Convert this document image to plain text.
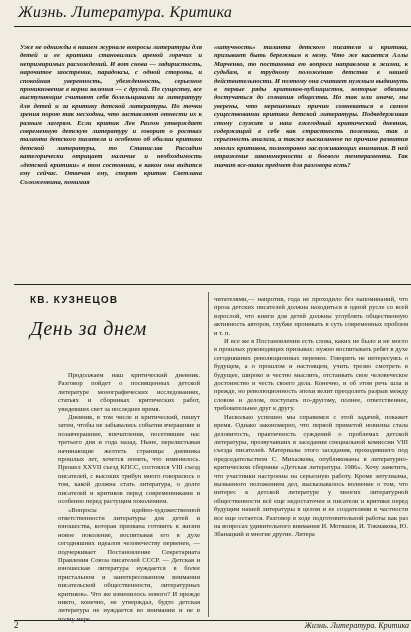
Жизнь. Литература. Критика

Уже не однажды в нашем журнале вопросы литературы для детей и ее критики становились ареной горячих и непримиримых расхождений. И вот снова — задиристость, нарочитое заостpение, парадоксы, с одной стороны, и спокойная уверенность, убежденность, серьезное проникновение в корни явления — с другой. По существу, все выступающие считают себя болельщиками за литературу для детей и за критику детской литературы. Но точки зрения порою так несходны, что заставляют отнести их к разным лагерям. Если критик Лев Разгон утверждает современную детскую литературу и говорит о росткаx таланта детского писателя и особенно об обилии критики детской литературы, то Станислав Рассадин категорически отрицает наличие и необходимость «детской критики» в том состоянии, в каком она видится ему сейчас. Отвечая ему, спорят критик Светлана Соложенкина, понимая

«штучность» таланта детского писателя и критика, призывает быть бережным к нему. Что же касается Аллы Марченко, то постановка ею вопроса направлена к жизни, к судьбам, к трудному положению детства в нашей действительности. И поэтому она считает нужным выдвинуть в первые ряды критиков-публицистов, которые обязаны достучаться до сознания общества. Но так или иначе, мы уверены, что нерешенных причин сомневаться в самом существовании критики детской литературы. Подведерживая стому служит и наш ежегодный критический дневник, содержащий в себе как страстность полемики, так и серьезность анализа, а также высказанное по причине развития многих критиков, полноправно заслуживающих внимания. В ней отражение закономерности и боевого темперамента. Так значит все-таки предмет для разговора есть?

КВ. КУЗНЕЦОВ
День за днем

Продолжаем наш критический дневник. Разговор пойдет о посвященных детской литературе монографических исследованиях, статьях и сборниках критических работ, увидевших свет за последнее время.

Дневник, в том числе и критический, пишут затем, чтобы не забывались события вчерашние и позавчерашние, впечатления, посетившие нас третьего дня и года назад. Ныне, перелистывая начинающие желтеть страницы дневника прошлых лет, хочется понять, что изменилось. Прошел XXVII съезд КПСС, состоялся VIII съезд писателей, с высоких трибун много говорилось о том, какой должна стать литература, о долге писателей и критиков перед современниками и особенно перед растущим поколением.

«Вопросы идейно-художественной ответственности литературы для детей и юношества, которая призвана готовить к жизни новое поколение, воспитывая его в духе сегодняшних идеалов человечеству первенен, — подчеркивает Постановление Секретариата Правления Союза писателей СССР. — Детская и юношеская литература нуждается в более пристальном и заинтересованном внимании писательской общественности, литературных критиков». Что же изменилось нового? И прежде никто, конечно, не утверждал, будто детская литература не нуждается во внимании и не в полну мере

читателями,— напротив, года не проходило без напоминаний, что проза детских писателей должна находиться в одной русле со всей взрослой, что книги для детей должны углублять общественную активность авторов, глубже проникать в суть современных проблем и т. п.

И все же в Постановлении есть слова, каких не было и не могло в прошлых руководящих призывах: нужно воспитывать ребят в духе сегодняшних революционных перемен. Говорить не интересуясь о будущем, а о прошлом и настоящем, учить трезво смотреть в будущее, широко и честно мыслить, отстаивать свое человеческое достоинство и честь своего дела. Конечно, и об этом речь шла и прежде, но революционность эпохи велит преодолеть разрыв между словом и делом, поступать по-другому, полнее, ответственнее, требовательнее друг к другу.

Насколько успешно мы справимся с этой задачей, покажет время. Однако закономерно, что первой приметой новизны стала деловитость, практичность суждений о проблемах детской литературы, прозвучавших в заседании специальной комиссии VIII съезда писателей. Материалы этого заседания, проходившего под председательством С. Михалкова, опубликованы в литературно-критическом сборнике «Детская литература. 1986». Хочу заметить, что участники настроены на серьезную работу. Кроме энтузиазма, вызванного положением дел, высказывалось волнение о том, что интерес к детской литературе у многих литературной общественности всё еще недостаточен и писатели и критики перед будущим нашей литературы в целом и ее создателями в частности все еще остается. Разговор в ходе подготовительной работы как раз на вопросах удивительного внимания И. Мотяшов, И. Токмакова, Ю. Збанацкий и многие другие. Литера

2	Жизнь. Литература. Критика
